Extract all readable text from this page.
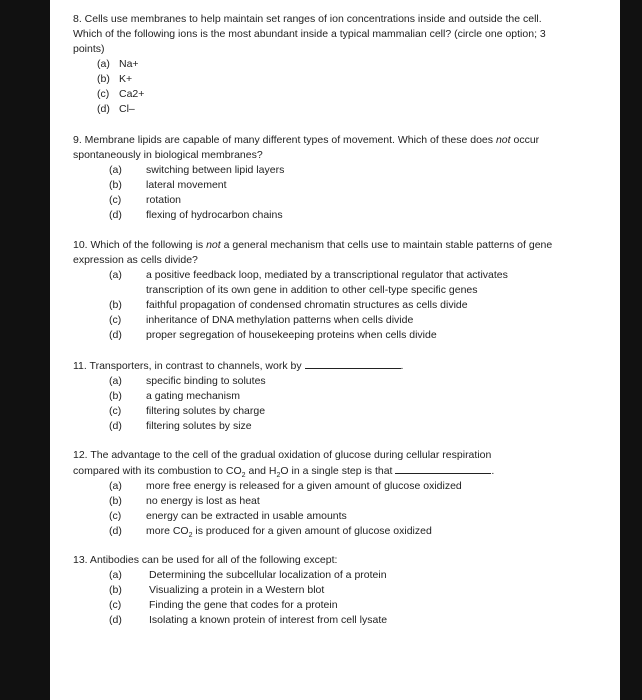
8. Cells use membranes to help maintain set ranges of ion concentrations inside and outside the cell. Which of the following ions is the most abundant inside a typical mammalian cell? (circle one option; 3 points)

(a) Na+
(b) K+
(c) Ca2+
(d) Cl–

9. Membrane lipids are capable of many different types of movement. Which of these does not occur spontaneously in biological membranes?

(a) switching between lipid layers
(b) lateral movement
(c) rotation
(d) flexing of hydrocarbon chains

10. Which of the following is not a general mechanism that cells use to maintain stable patterns of gene expression as cells divide?

(a) a positive feedback loop, mediated by a transcriptional regulator that activates transcription of its own gene in addition to other cell-type specific genes
(b) faithful propagation of condensed chromatin structures as cells divide
(c) inheritance of DNA methylation patterns when cells divide
(d) proper segregation of housekeeping proteins when cells divide

11. Transporters, in contrast to channels, work by	.

(a) specific binding to solutes
(b) a gating mechanism
(c) filtering solutes by charge
(d) filtering solutes by size

12. The advantage to the cell of the gradual oxidation of glucose during cellular respiration
compared with its combustion to $CO_2$ and $H_2O$ in a single step is that	.

(a) more free energy is released for a given amount of glucose oxidized
(b) no energy is lost as heat
(c) energy can be extracted in usable amounts
(d) more $CO_2$ is produced for a given amount of glucose oxidized

13. Antibodies can be used for all of the following except:

(a)	Determining the subcellular localization of a protein
(b)	Visualizing a protein in a Western blot
(c)	Finding the gene that codes for a protein
(d)	Isolating a known protein of interest from cell lysate
